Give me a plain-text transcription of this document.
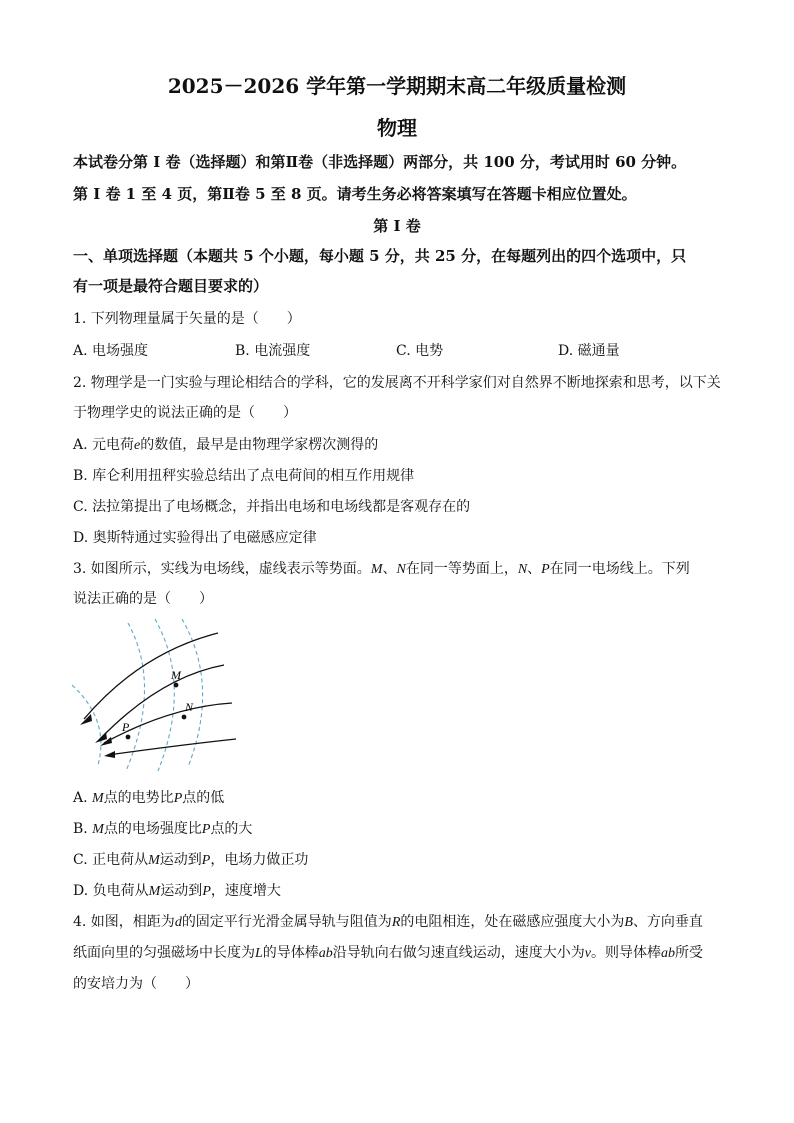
2025－2026 学年第一学期期末高二年级质量检测
物理
本试卷分第 I 卷（选择题）和第Ⅱ卷（非选择题）两部分，共 100 分，考试用时 60 分钟。
第 I 卷 1 至 4 页，第Ⅱ卷 5 至 8 页。请考生务必将答案填写在答题卡相应位置处。
第 I 卷
一、单项选择题（本题共 5 个小题，每小题 5 分，共 25 分，在每题列出的四个选项中，只
有一项是最符合题目要求的）
1. 下列物理量属于矢量的是（　　）
A. 电场强度	B. 电流强度	C. 电势	D. 磁通量
2. 物理学是一门实验与理论相结合的学科，它的发展离不开科学家们对自然界不断地探索和思考，以下关
于物理学史的说法正确的是（　　）
A. 元电荷e的数值，最早是由物理学家楞次测得的
B. 库仑利用扭秤实验总结出了点电荷间的相互作用规律
C. 法拉第提出了电场概念，并指出电场和电场线都是客观存在的
D. 奥斯特通过实验得出了电磁感应定律
3. 如图所示，实线为电场线，虚线表示等势面。M、N在同一等势面上，N、P在同一电场线上。下列
说法正确的是（　　）
M
N
P
A. M点的电势比P点的低
B. M点的电场强度比P点的大
C. 正电荷从M运动到P，电场力做正功
D. 负电荷从M运动到P，速度增大
4. 如图，相距为d的固定平行光滑金属导轨与阻值为R的电阻相连，处在磁感应强度大小为B、方向垂直
纸面向里的匀强磁场中长度为L的导体棒ab沿导轨向右做匀速直线运动，速度大小为v。则导体棒ab所受
的安培力为（　　）
